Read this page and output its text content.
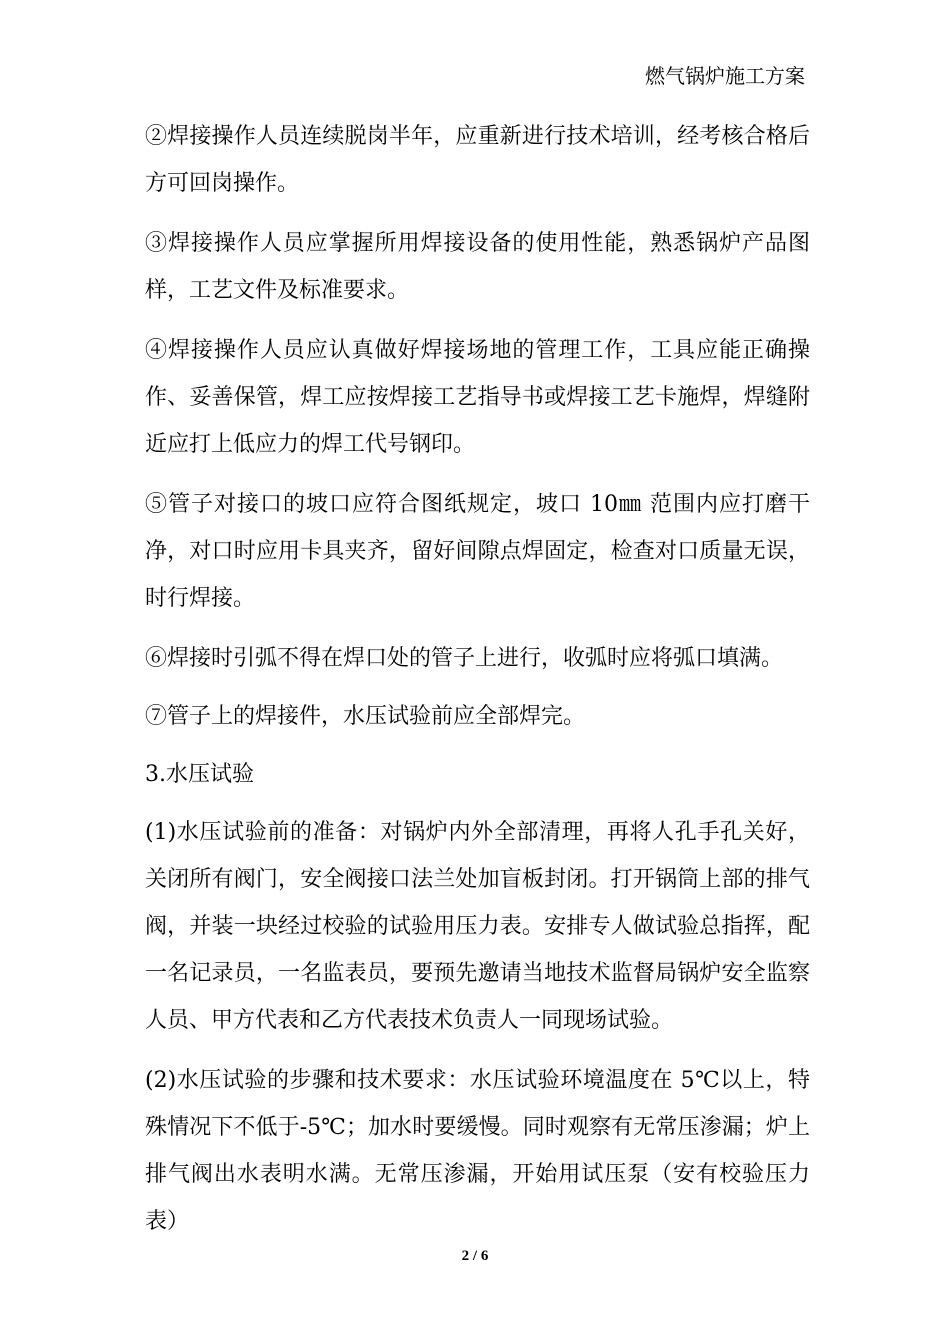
燃气锅炉施工方案

②焊接操作人员连续脱岗半年，应重新进行技术培训，经考核合格后方可回岗操作。

③焊接操作人员应掌握所用焊接设备的使用性能，熟悉锅炉产品图样，工艺文件及标准要求。

④焊接操作人员应认真做好焊接场地的管理工作，工具应能正确操作、妥善保管，焊工应按焊接工艺指导书或焊接工艺卡施焊，焊缝附近应打上低应力的焊工代号钢印。

⑤管子对接口的坡口应符合图纸规定，坡口 10㎜ 范围内应打磨干净，对口时应用卡具夹齐，留好间隙点焊固定，检查对口质量无误，时行焊接。

⑥焊接时引弧不得在焊口处的管子上进行，收弧时应将弧口填满。

⑦管子上的焊接件，水压试验前应全部焊完。

3.水压试验

(1)水压试验前的准备：对锅炉内外全部清理，再将人孔手孔关好，关闭所有阀门，安全阀接口法兰处加盲板封闭。打开锅筒上部的排气阀，并装一块经过校验的试验用压力表。安排专人做试验总指挥，配一名记录员，一名监表员，要预先邀请当地技术监督局锅炉安全监察人员、甲方代表和乙方代表技术负责人一同现场试验。

(2)水压试验的步骤和技术要求：水压试验环境温度在 5℃以上，特殊情况下不低于-5℃；加水时要缓慢。同时观察有无常压渗漏；炉上排气阀出水表明水满。无常压渗漏，开始用试压泵（安有校验压力表）

2 / 6
